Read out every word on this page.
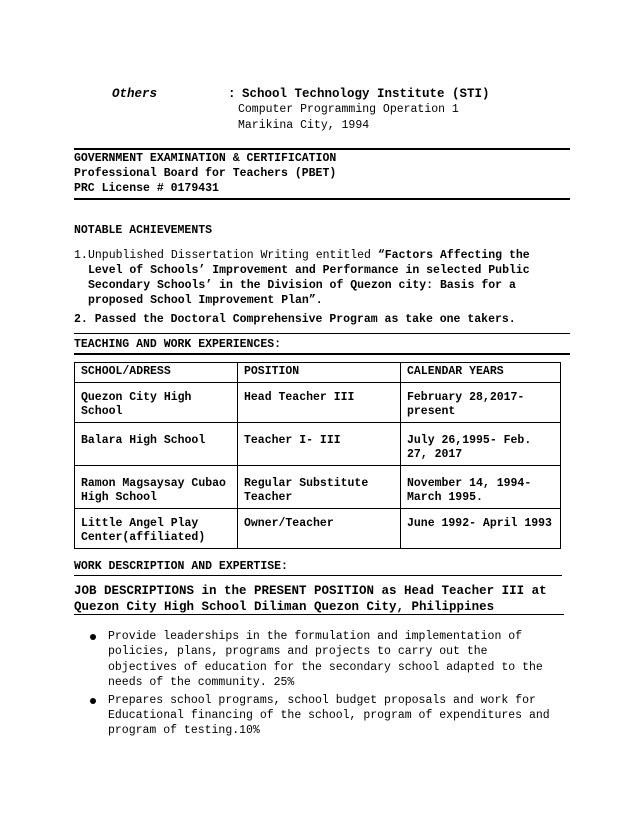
Others	: School Technology Institute (STI)
Computer Programming Operation 1
Marikina City, 1994
GOVERNMENT EXAMINATION & CERTIFICATION
Professional Board for Teachers (PBET)
PRC License # 0179431
NOTABLE ACHIEVEMENTS
1. Unpublished Dissertation Writing entitled “Factors Affecting the Level of Schools’ Improvement and Performance in selected Public Secondary Schools’ in the Division of Quezon city: Basis for a proposed School Improvement Plan”.
2. Passed the Doctoral Comprehensive Program as take one takers.
TEACHING AND WORK EXPERIENCES:
SCHOOL/ADRESS	POSITION	CALENDAR YEARS
Quezon City High School	Head Teacher III	February 28,2017- present
Balara High School	Teacher I- III	July 26,1995- Feb. 27, 2017
Ramon Magsaysay Cubao High School	Regular Substitute Teacher	November 14, 1994- March 1995.
Little Angel Play Center(affiliated)	Owner/Teacher	June 1992- April 1993
WORK DESCRIPTION AND EXPERTISE:
JOB DESCRIPTIONS in the PRESENT POSITION as Head Teacher III at Quezon City High School Diliman Quezon City, Philippines
Provide leaderships in the formulation and implementation of policies, plans, programs and projects to carry out the objectives of education for the secondary school adapted to the needs of the community. 25%
Prepares school programs, school budget proposals and work for Educational financing of the school, program of expenditures and program of testing.10%
